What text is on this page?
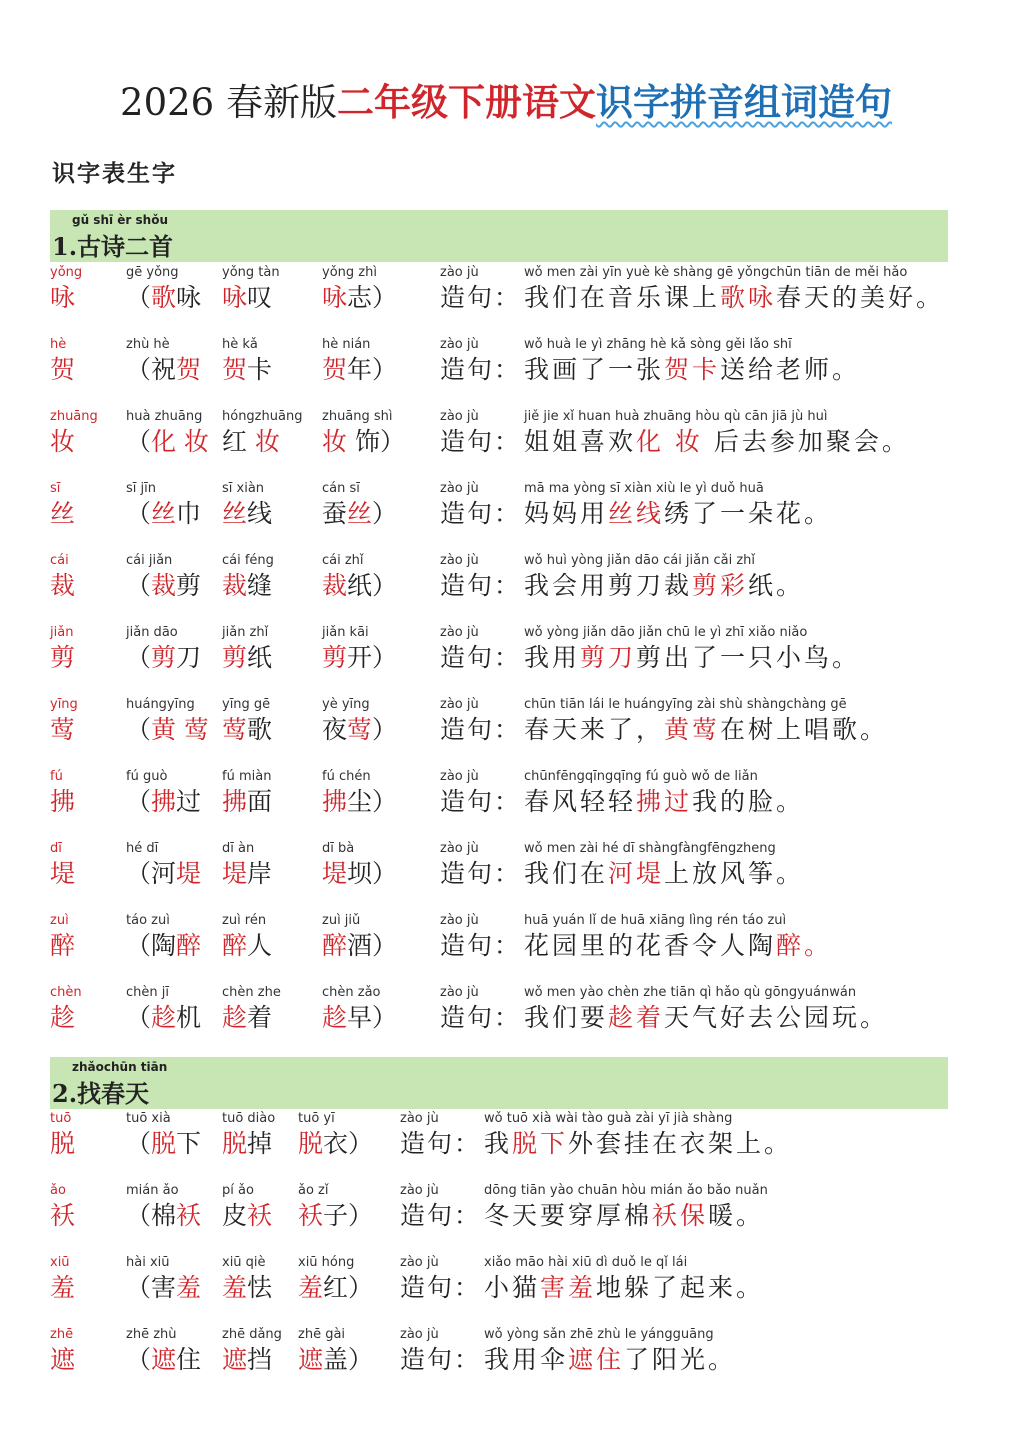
2026 春新版二年级下册语文识字拼音组词造句
识字表生字
gǔ shī èr shǒu
1.古诗二首
zhǎochūn tiān
2.找春天
yǒng
咏
gē yǒng
（歌咏
yǒng tàn
咏叹
yǒng zhì
咏志）
zào jù
造句：
wǒ men zài yīn yuè kè shàng gē yǒngchūn tiān de měi hǎo
我们在音乐课上歌咏春天的美好。
hè
贺
zhù hè
（祝贺
hè kǎ
贺卡
hè nián
贺年）
zào jù
造句：
wǒ huà le yì zhāng hè kǎ sòng gěi lǎo shī
我画了一张贺卡送给老师。
zhuāng
妆
huà zhuāng
（化 妆
hóngzhuāng
红 妆
zhuāng shì
妆 饰）
zào jù
造句：
jiě jie xǐ huan huà zhuāng hòu qù cān jiā jù huì
姐姐喜欢化 妆 后去参加聚会。
sī
丝
sī jīn
（丝巾
sī xiàn
丝线
cán sī
蚕丝）
zào jù
造句：
mā ma yòng sī xiàn xiù le yì duǒ huā
妈妈用丝线绣了一朵花。
cái
裁
cái jiǎn
（裁剪
cái féng
裁缝
cái zhǐ
裁纸）
zào jù
造句：
wǒ huì yòng jiǎn dāo cái jiǎn cǎi zhǐ
我会用剪刀裁剪彩纸。
jiǎn
剪
jiǎn dāo
（剪刀
jiǎn zhǐ
剪纸
jiǎn kāi
剪开）
zào jù
造句：
wǒ yòng jiǎn dāo jiǎn chū le yì zhī xiǎo niǎo
我用剪刀剪出了一只小鸟。
yīng
莺
huángyīng
（黄 莺
yīng gē
莺歌
yè yīng
夜莺）
zào jù
造句：
chūn tiān lái le huángyīng zài shù shàngchàng gē
春天来了，黄莺在树上唱歌。
fú
拂
fú guò
（拂过
fú miàn
拂面
fú chén
拂尘）
zào jù
造句：
chūnfēngqīngqīng fú guò wǒ de liǎn
春风轻轻拂过我的脸。
dī
堤
hé dī
（河堤
dī àn
堤岸
dī bà
堤坝）
zào jù
造句：
wǒ men zài hé dī shàngfàngfēngzheng
我们在河堤上放风筝。
zuì
醉
táo zuì
（陶醉
zuì rén
醉人
zuì jiǔ
醉酒）
zào jù
造句：
huā yuán lǐ de huā xiāng lìng rén táo zuì
花园里的花香令人陶醉。
chèn
趁
chèn jī
（趁机
chèn zhe
趁着
chèn zǎo
趁早）
zào jù
造句：
wǒ men yào chèn zhe tiān qì hǎo qù gōngyuánwán
我们要趁着天气好去公园玩。
tuō
脱
tuō xià
（脱下
tuō diào
脱掉
tuō yī
脱衣）
zào jù
造句：
wǒ tuō xià wài tào guà zài yī jià shàng
我脱下外套挂在衣架上。
ǎo
袄
mián ǎo
（棉袄
pí ǎo
皮袄
ǎo zǐ
袄子）
zào jù
造句：
dōng tiān yào chuān hòu mián ǎo bǎo nuǎn
冬天要穿厚棉袄保暖。
xiū
羞
hài xiū
（害羞
xiū qiè
羞怯
xiū hóng
羞红）
zào jù
造句：
xiǎo māo hài xiū dì duǒ le qǐ lái
小猫害羞地躲了起来。
zhē
遮
zhē zhù
（遮住
zhē dǎng
遮挡
zhē gài
遮盖）
zào jù
造句：
wǒ yòng sǎn zhē zhù le yángguāng
我用伞遮住了阳光。
